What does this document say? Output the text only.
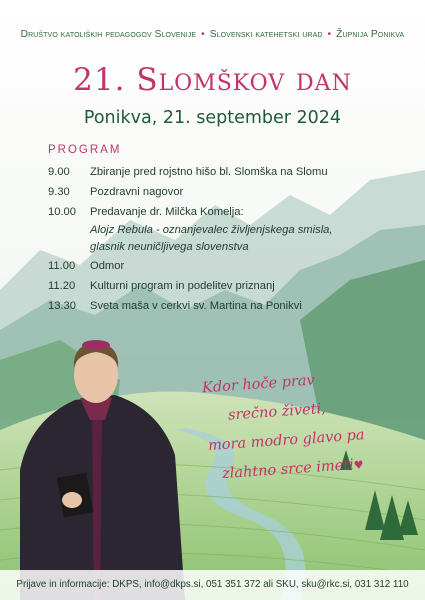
Društvo katoliških pedagogov Slovenije • Slovenski katehetski urad • Župnija Ponikva
21. Slomškov dan
Ponikva, 21. september 2024
PROGRAM
9.00	Zbiranje pred rojstno hišo bl. Slomška na Slomu
9.30	Pozdravni nagovor
10.00	Predavanje dr. Milčka Komelja:
Alojz Rebula - oznanjevalec življenjskega smisla,
glasnik neuničljivega slovenstva
11.00	Odmor
11.20	Kulturni program in podelitev priznanj
13.30	Sveta maša v cerkvi sv. Martina na Ponikvi
Kdor hoče prav
srečno živeti,
mora modro glavo pa
zlahtno srce imeti♥
Prijave in informacije: DKPS, info@dkps.si, 051 351 372 ali SKU, sku@rkc.si, 031 312 110
